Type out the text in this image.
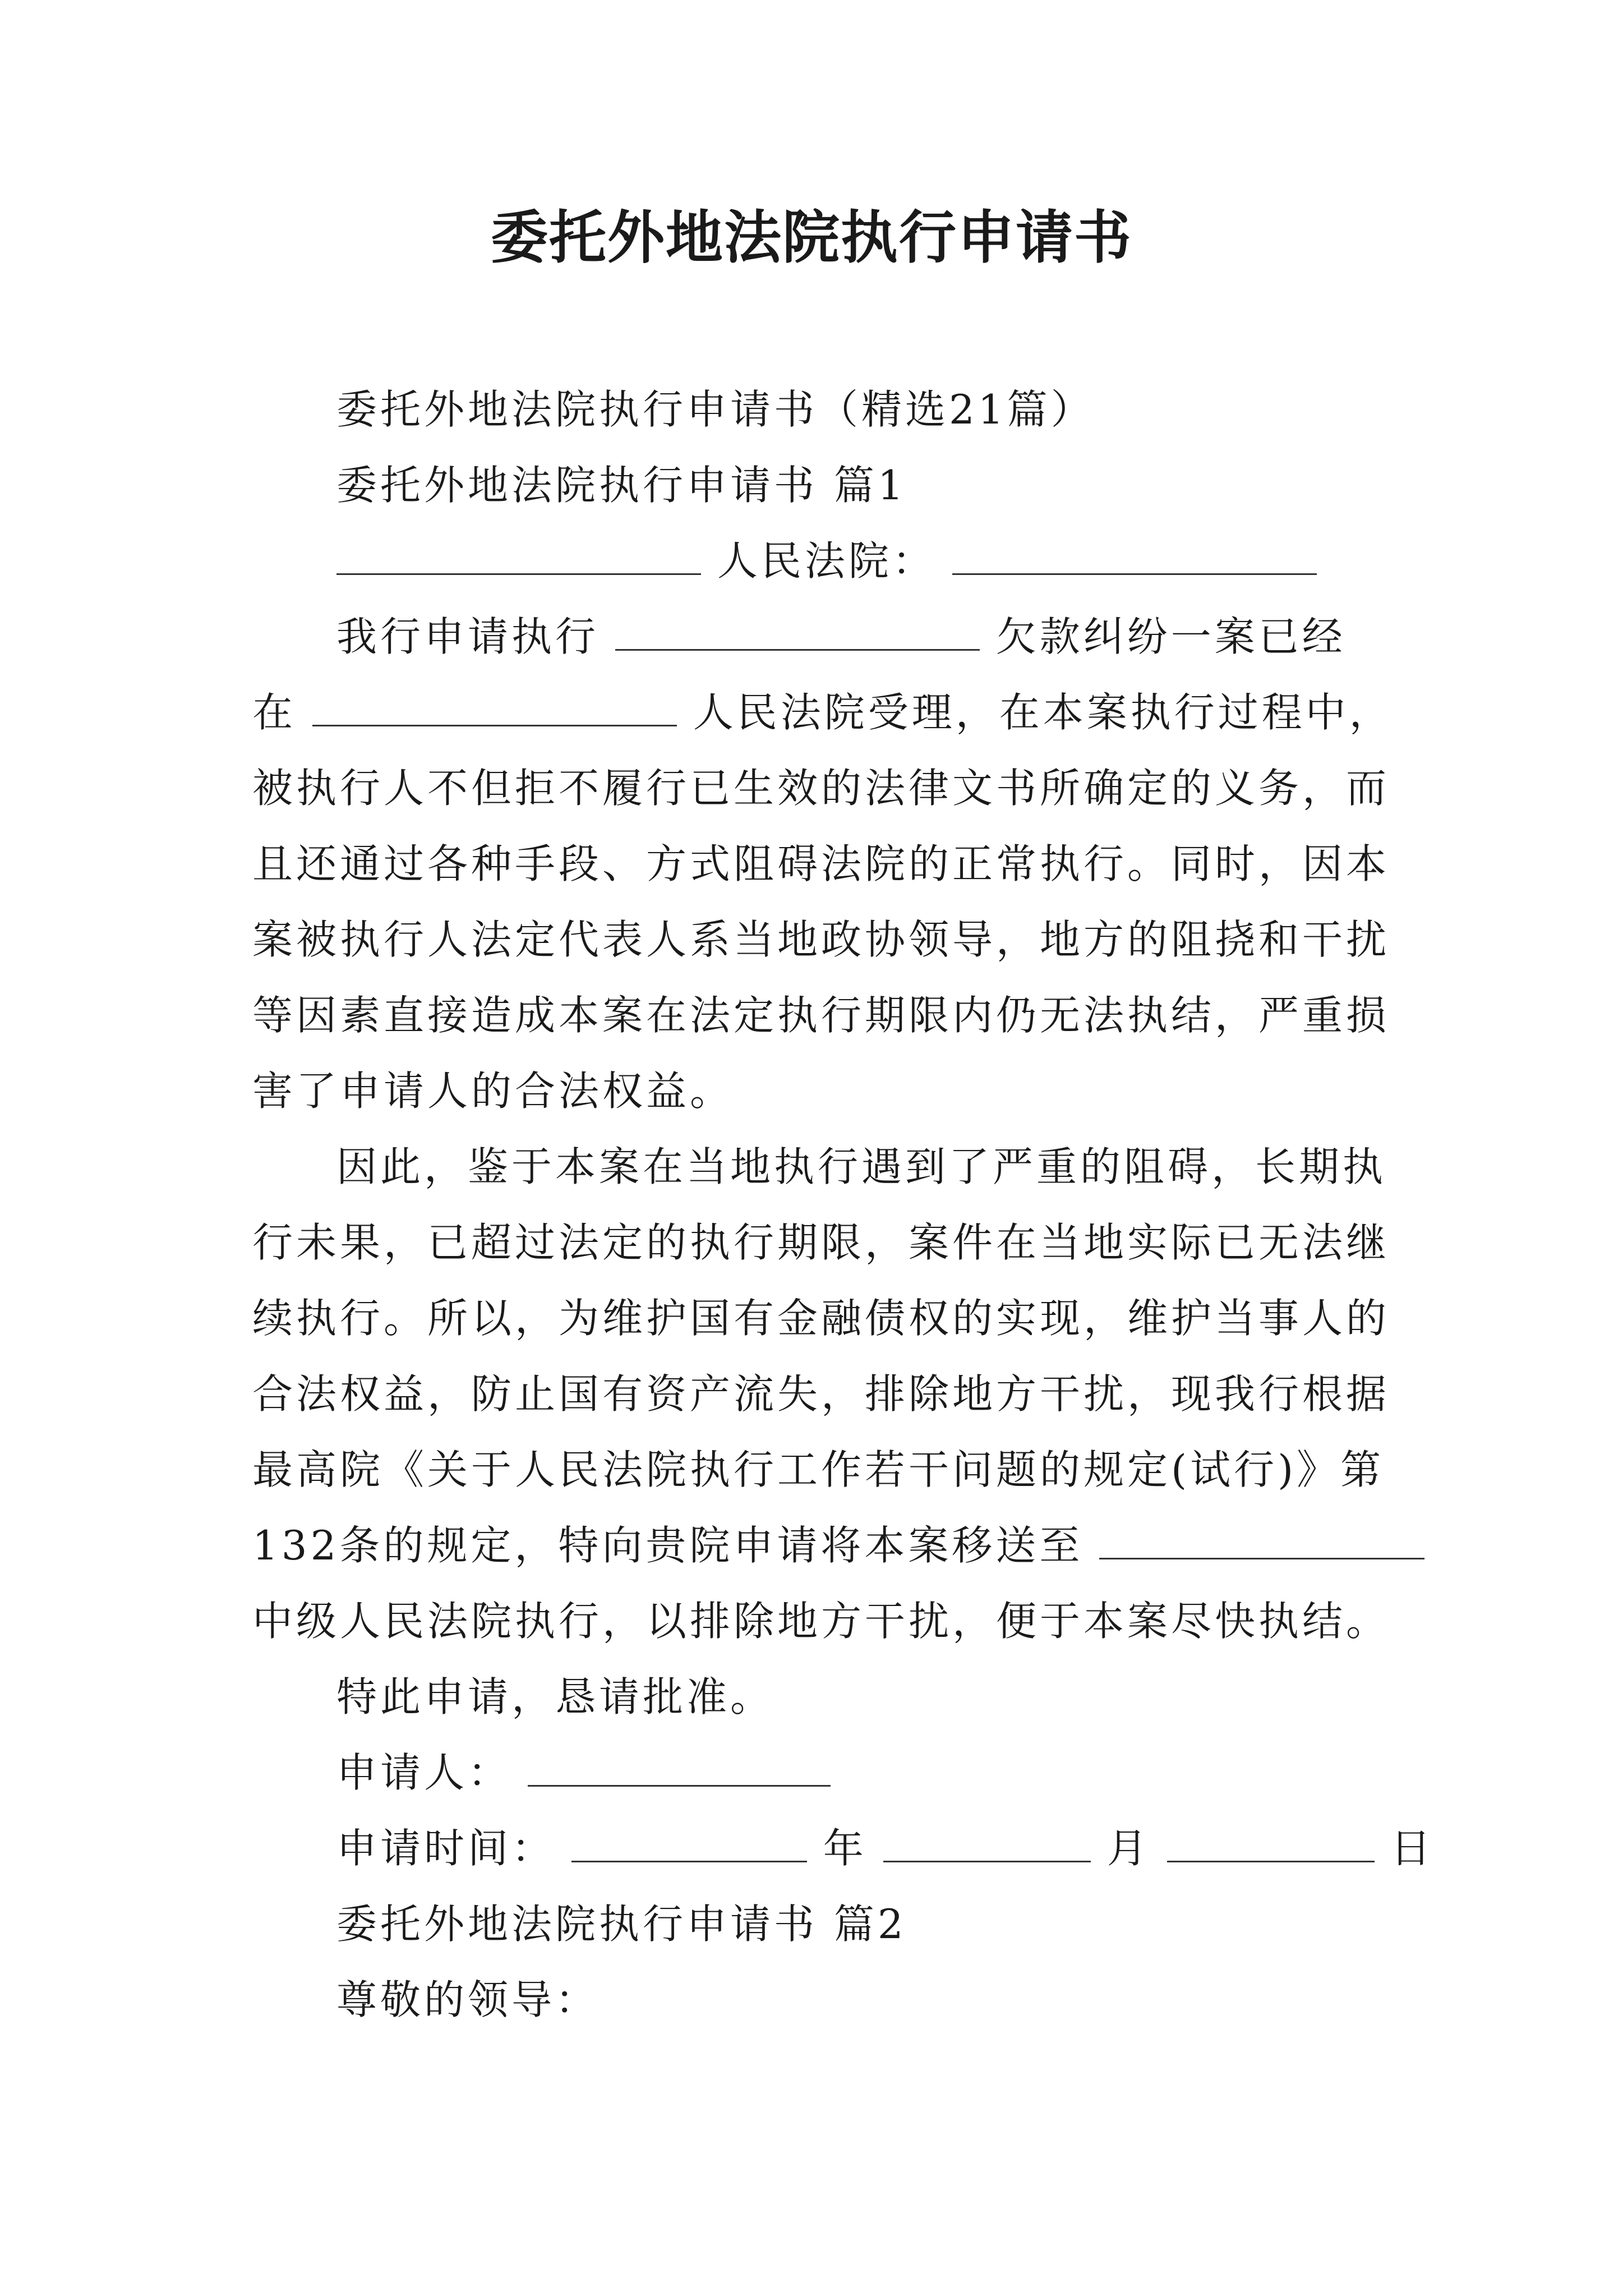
委托外地法院执行申请书
委托外地法院执行申请书（精选21篇）
委托外地法院执行申请书 篇1
人民法院：
我行申请执行	欠款纠纷一案已经
在	人民法院受理，在本案执行过程中，
被执行人不但拒不履行已生效的法律文书所确定的义务，而
且还通过各种手段、方式阻碍法院的正常执行。同时，因本
案被执行人法定代表人系当地政协领导，地方的阻挠和干扰
等因素直接造成本案在法定执行期限内仍无法执结，严重损
害了申请人的合法权益。
因此，鉴于本案在当地执行遇到了严重的阻碍，长期执
行未果，已超过法定的执行期限，案件在当地实际已无法继
续执行。所以，为维护国有金融债权的实现，维护当事人的
合法权益，防止国有资产流失，排除地方干扰，现我行根据
最高院《关于人民法院执行工作若干问题的规定(试行)》第
132条的规定，特向贵院申请将本案移送至
中级人民法院执行，以排除地方干扰，便于本案尽快执结。
特此申请，恳请批准。
申请人：
申请时间：	年	月	日
委托外地法院执行申请书 篇2
尊敬的领导：
